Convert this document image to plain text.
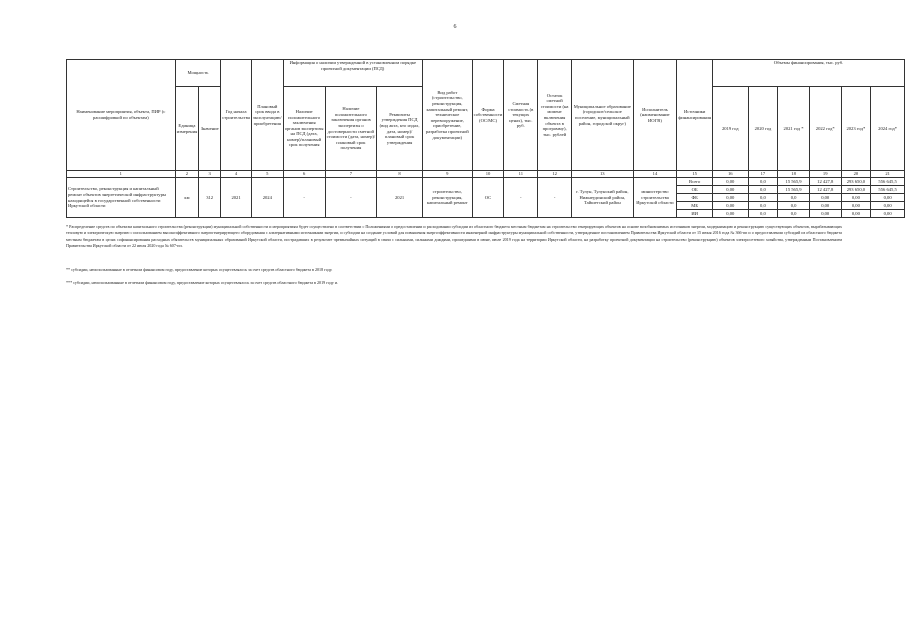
6
Наименование мероприятия, объекта, ПИР (с расшифровкой по объектам)	Мощность		Год начала строительства	Плановый срок ввода в эксплуатацию/приобретения	Информация о наличии утвержденной в установленном порядке проектной документации (ПСД)			Вид работ (строительство, реконструкция, капитальный ремонт, техническое перевооружение, приобретение, разработка проектной документации)	Форма собственности (ОС/МС)	Сметная стоимость (в текущих ценах), тыс. руб.	Остаток сметной стоимости (на момент включения объекта в программу), тыс. рублей	Муниципальное образование (городское/сельское поселение, муниципальный район, городской округ)	Исполнитель (наименование ИОГВ)	Источники финансирования	Объемы финансирования, тыс. руб.					
	Единица измерения	Значение			Наличие положительного заключения органов экспертизы на ПСД (дата, номер)/плановый срок получения	Наличие положительного заключения органов экспертизы о достоверности сметной стоимости (дата, номер)/плановый срок получения	Реквизиты утверждения ПСД (вид акта, кто издал, дата, номер)/плановый срок утверждения								2019 год	2020 год	2021 год *	2022 год*	2023 год*	2024 год*
1	2	3	4	5	6	7	8	9	10	11	12	13	14	15	16	17	18	19	20	21
Строительство, реконструкция и капитальный ремонт объектов энергетической инфраструктуры находящейся в государственной собственности Иркутской области	км	312	2021	2024	-	-	2021	строительство, реконструкция, капитальный ремонт	ОС	-	-	г. Тулун, Тулунский район, Нижнеудинский район, Тайшетский район	министерство строительства Иркутской области	Всего	0,00	0,0	15 565,9	12 427,8	293 650,0	556 645,5
														ОБ	0,00	0,0	15 565,9	12 427,8	293 650,0	556 645,5
														ФБ	0,00	0,0	0,0	0,00	0,00	0,00
														МБ	0,00	0,0	0,0	0,00	0,00	0,00
														ИИ	0,00	0,0	0,0	0,00	0,00	0,00
* Распределение средств по объектам капитального строительства (реконструкции) муниципальной собственности и мероприятиям будет осуществлено в соответствии с Положениями о предоставлении и расходовании субсидии из областного бюджета местным бюджетам на строительство генерирующих объектов на основе возобновляемых источников энергии, модернизацию и реконструкцию существующих объектов, вырабатывающих тепловую и электрическую энергию с использованием высокоэффективного энергогенерирующего оборудования с альтернативными источниками энергии, и субсидии на создание условий для повышения энергоэффективности инженерной инфраструктуры муниципальной собственности, утвержденное постановлением Правительства Иркутской области от 15 июня 2016 года № 366-пп и о предоставлении субсидий из областного бюджета местным бюджетам в целях софинансирования расходных обязательств муниципальных образований Иркутской области, пострадавших в результате чрезвычайных ситуаций в связи с сильными, сильными дождями, прошедшими в июне, июле 2019 года на территории Иркутской области, на разработку проектной документации на строительство (реконструкцию) объектов электросетевого хозяйства, утвержденным Постановлением Правительства Иркутской области от 22 июля 2020 года № 607-пп.
** субсидии, неиспользованные в отчетном финансовом году, предоставление которых осуществлялось за счет средств областного бюджета в 2018 году.
*** субсидии, неиспользованные в отчетном финансовом году, предоставление которых осуществлялось за счет средств областного бюджета в 2019 году и.
